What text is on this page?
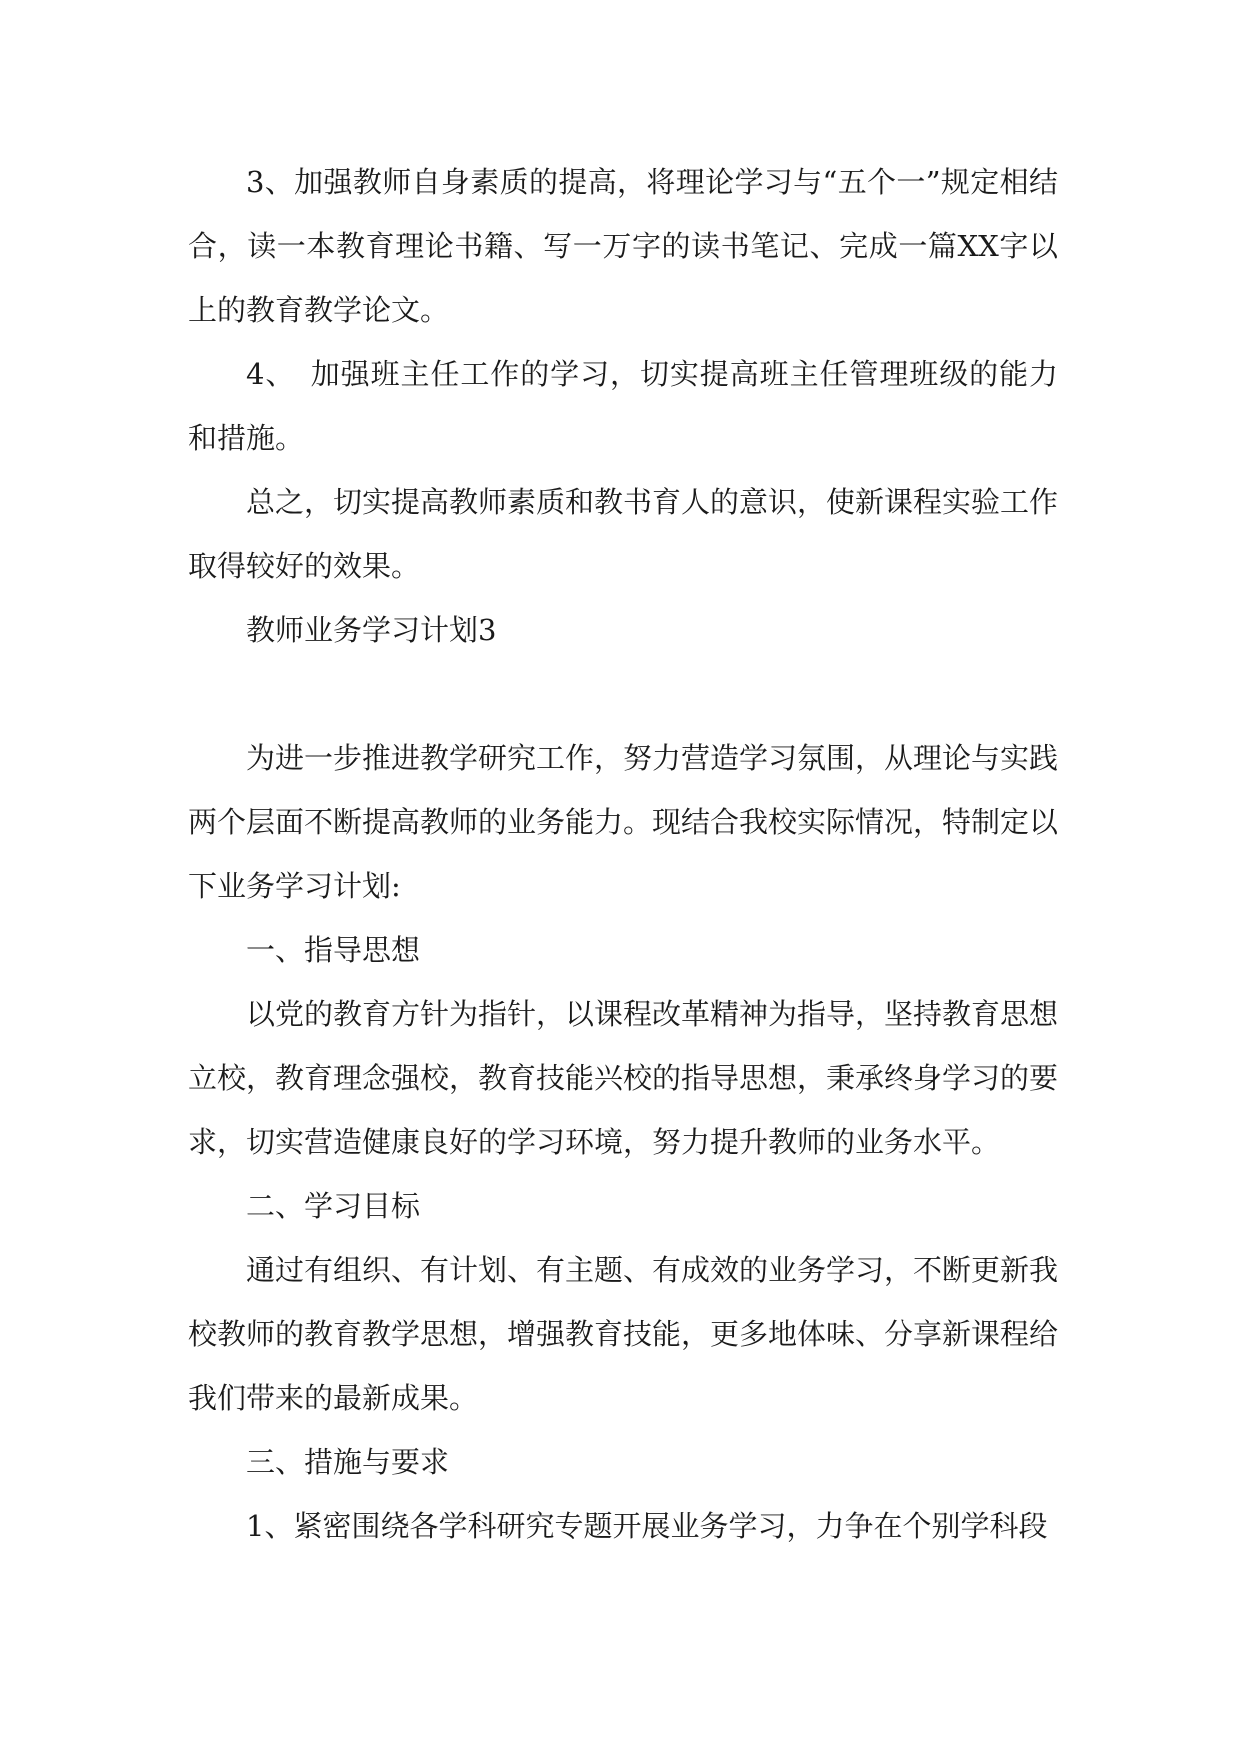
3、加强教师自身素质的提高，将理论学习与“五个一”规定相结合，读一本教育理论书籍、写一万字的读书笔记、完成一篇XX字以上的教育教学论文。

4、　加强班主任工作的学习，切实提高班主任管理班级的能力和措施。

总之，切实提高教师素质和教书育人的意识，使新课程实验工作取得较好的效果。

教师业务学习计划3

为进一步推进教学研究工作，努力营造学习氛围，从理论与实践两个层面不断提高教师的业务能力。现结合我校实际情况，特制定以下业务学习计划:

一、指导思想

以党的教育方针为指针，以课程改革精神为指导，坚持教育思想立校，教育理念强校，教育技能兴校的指导思想，秉承终身学习的要求，切实营造健康良好的学习环境，努力提升教师的业务水平。

二、学习目标

通过有组织、有计划、有主题、有成效的业务学习，不断更新我校教师的教育教学思想，增强教育技能，更多地体味、分享新课程给我们带来的最新成果。

三、措施与要求

1、紧密围绕各学科研究专题开展业务学习，力争在个别学科段
